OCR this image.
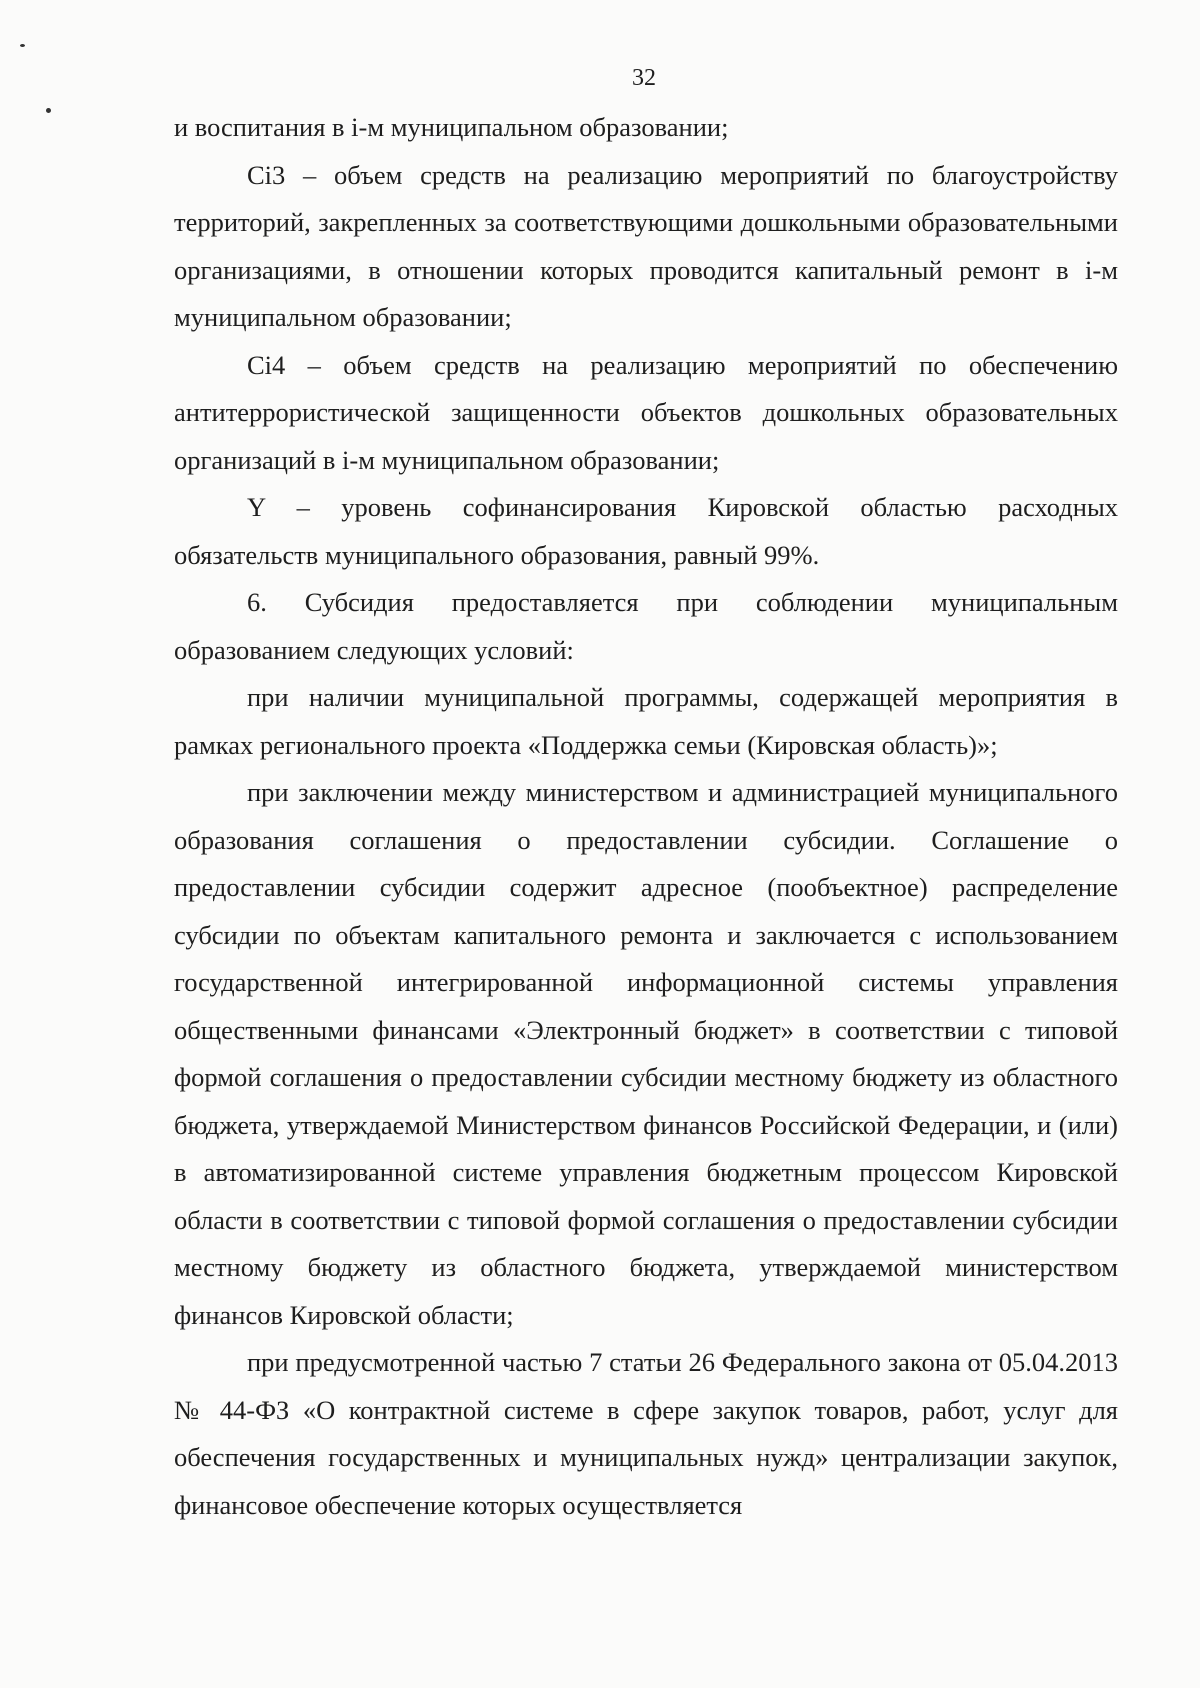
32

и воспитания в i-м муниципальном образовании;

Ci3 – объем средств на реализацию мероприятий по благоустройству территорий, закрепленных за соответствующими дошкольными образовательными организациями, в отношении которых проводится капитальный ремонт в i-м муниципальном образовании;

Ci4 – объем средств на реализацию мероприятий по обеспечению антитеррористической защищенности объектов дошкольных образовательных организаций в i-м муниципальном образовании;

Y – уровень софинансирования Кировской областью расходных обязательств муниципального образования, равный 99%.

6. Субсидия предоставляется при соблюдении муниципальным образованием следующих условий:

при наличии муниципальной программы, содержащей мероприятия в рамках регионального проекта «Поддержка семьи (Кировская область)»;

при заключении между министерством и администрацией муниципального образования соглашения о предоставлении субсидии. Соглашение о предоставлении субсидии содержит адресное (пообъектное) распределение субсидии по объектам капитального ремонта и заключается с использованием государственной интегрированной информационной системы управления общественными финансами «Электронный бюджет» в соответствии с типовой формой соглашения о предоставлении субсидии местному бюджету из областного бюджета, утверждаемой Министерством финансов Российской Федерации, и (или) в автоматизированной системе управления бюджетным процессом Кировской области в соответствии с типовой формой соглашения о предоставлении субсидии местному бюджету из областного бюджета, утверждаемой министерством финансов Кировской области;

при предусмотренной частью 7 статьи 26 Федерального закона от 05.04.2013 № 44-ФЗ «О контрактной системе в сфере закупок товаров, работ, услуг для обеспечения государственных и муниципальных нужд» централизации закупок, финансовое обеспечение которых осуществляется
